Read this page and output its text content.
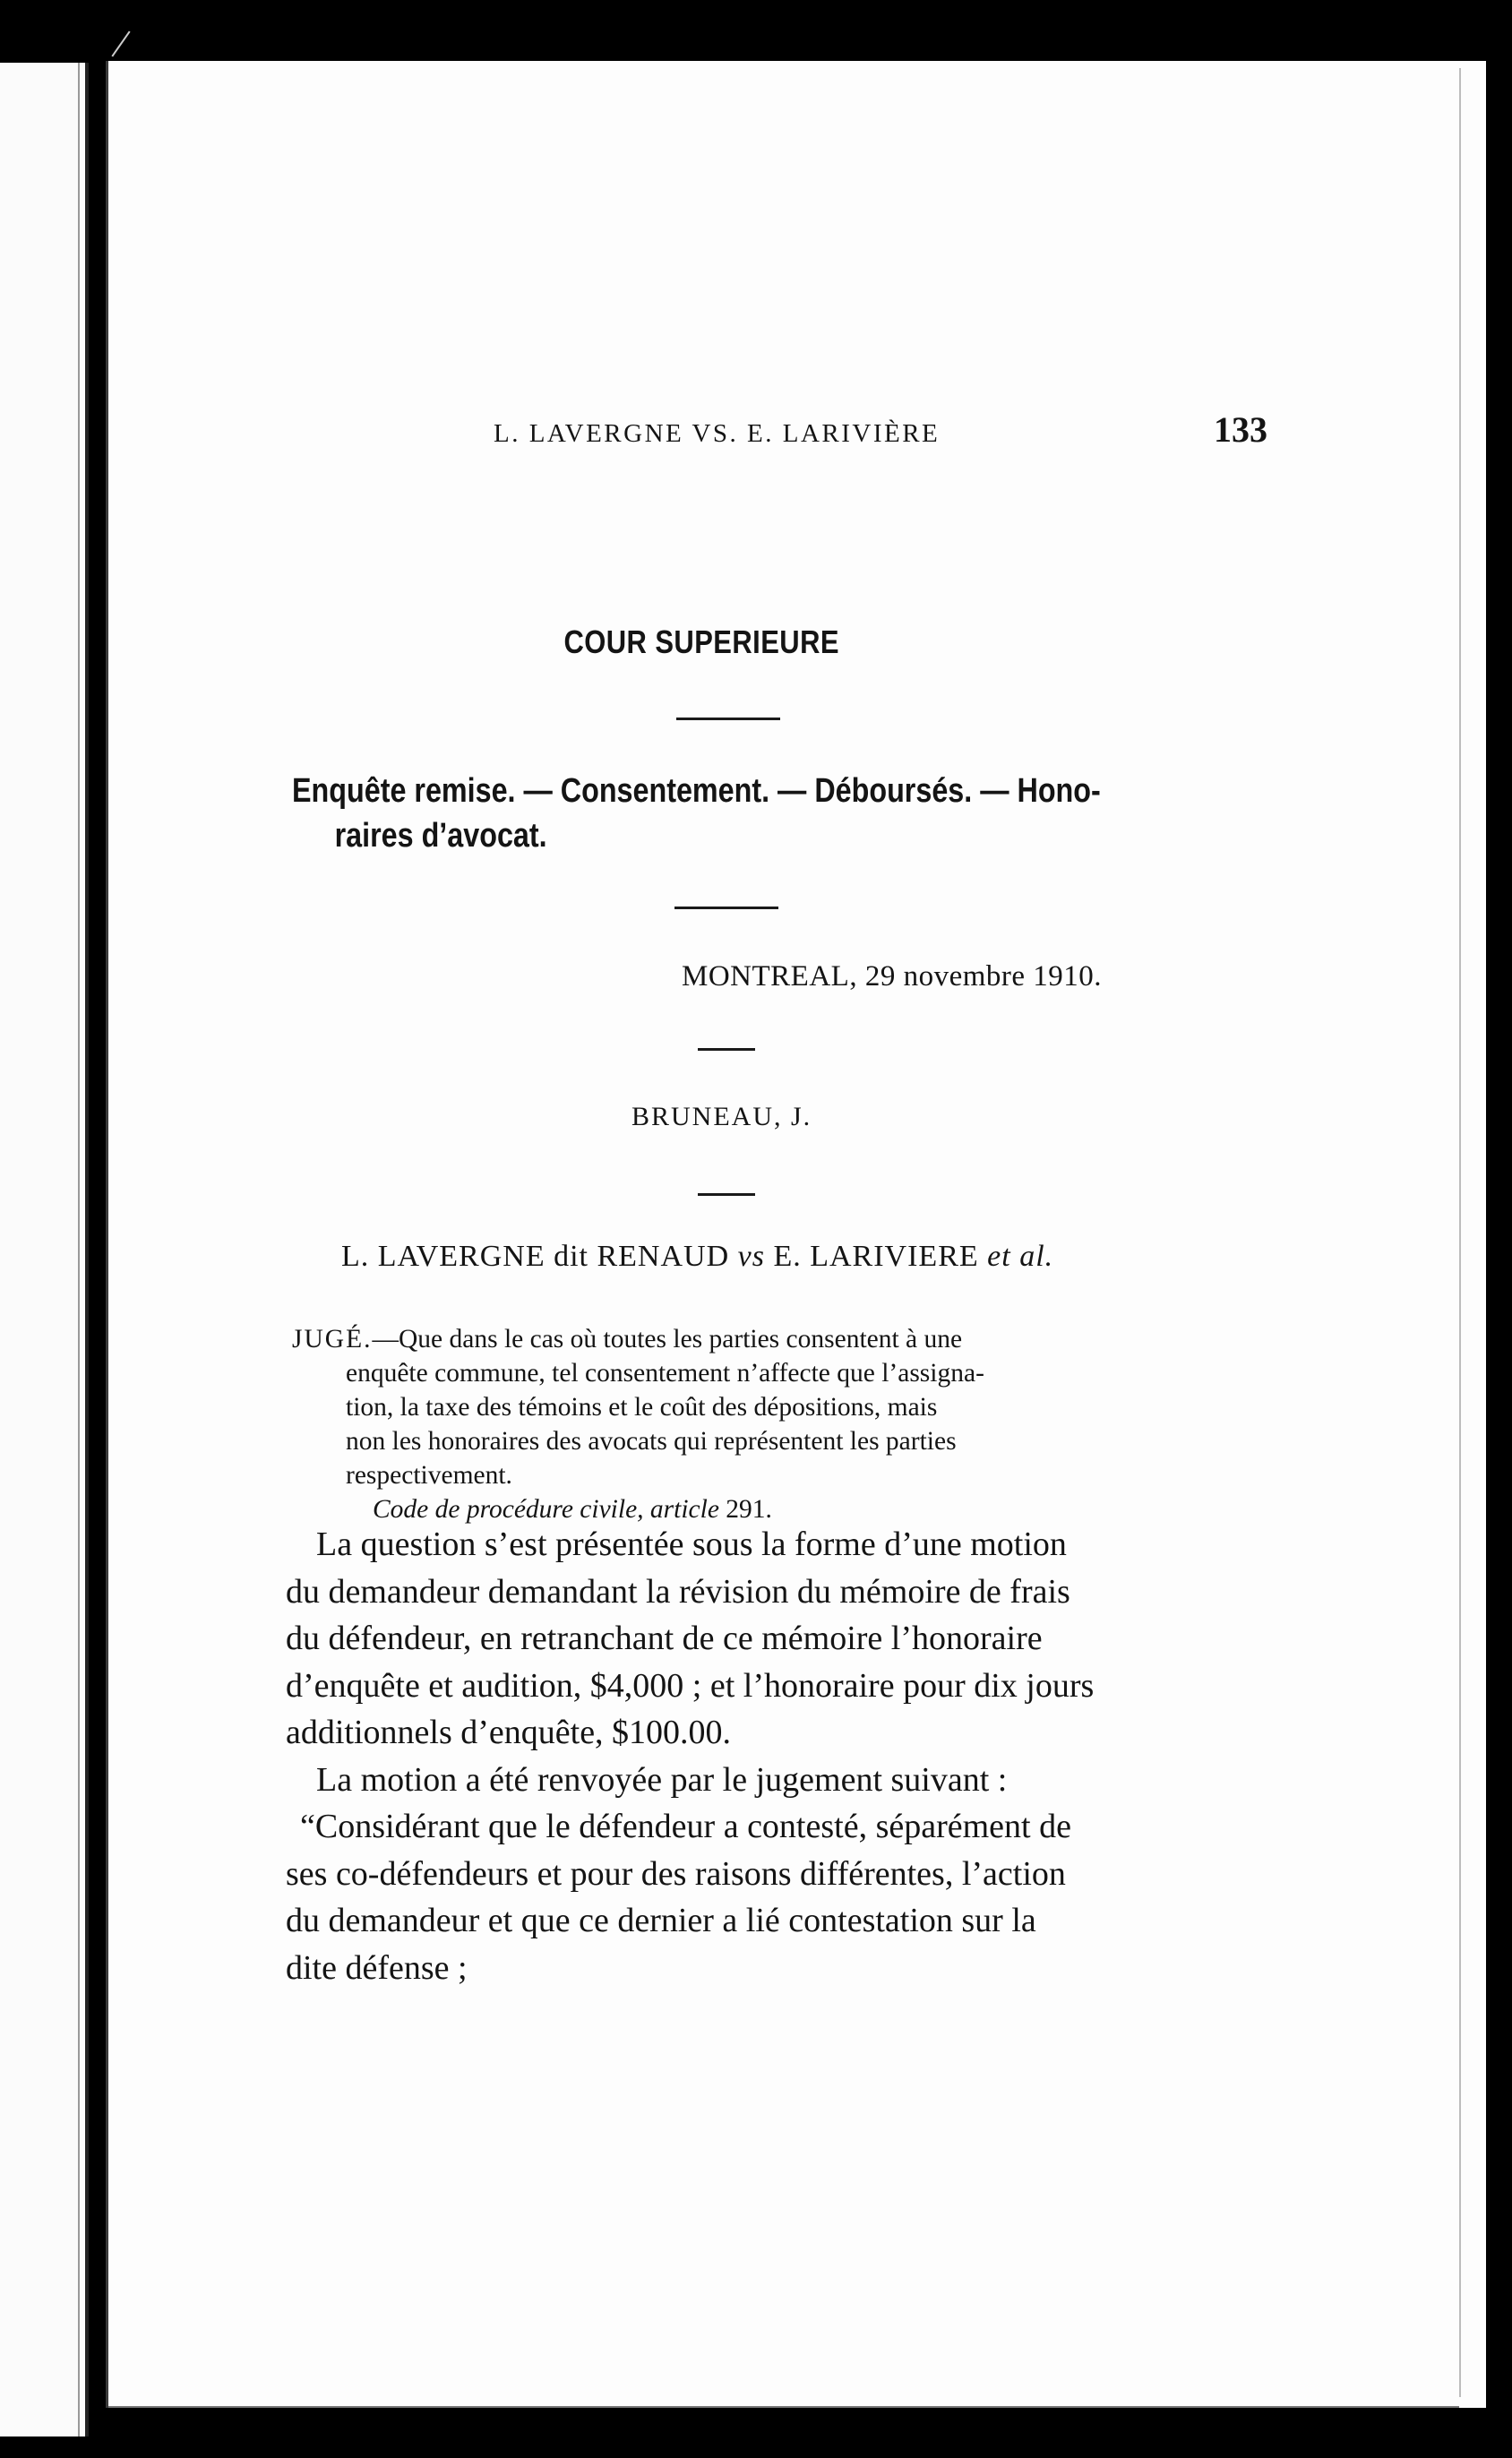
L. LAVERGNE VS. E. LARIVIÈRE	133
COUR SUPERIEURE
Enquête remise. — Consentement. — Déboursés. — Hono-
raires d’avocat.
MONTREAL, 29 novembre 1910.
BRUNEAU, J.
L. LAVERGNE dit RENAUD vs E. LARIVIERE et al.
JUGÉ.—Que dans le cas où toutes les parties consentent à une
enquête commune, tel consentement n’affecte que l’assigna-
tion, la taxe des témoins et le coût des dépositions, mais
non les honoraires des avocats qui représentent les parties
respectivement.
Code de procédure civile, article 291.
La question s’est présentée sous la forme d’une motion
du demandeur demandant la révision du mémoire de frais
du défendeur, en retranchant de ce mémoire l’honoraire
d’enquête et audition, $4,000 ; et l’honoraire pour dix jours
additionnels d’enquête, $100.00.
La motion a été renvoyée par le jugement suivant :
“Considérant que le défendeur a contesté, séparément de
ses co-défendeurs et pour des raisons différentes, l’action
du demandeur et que ce dernier a lié contestation sur la
dite défense ;
